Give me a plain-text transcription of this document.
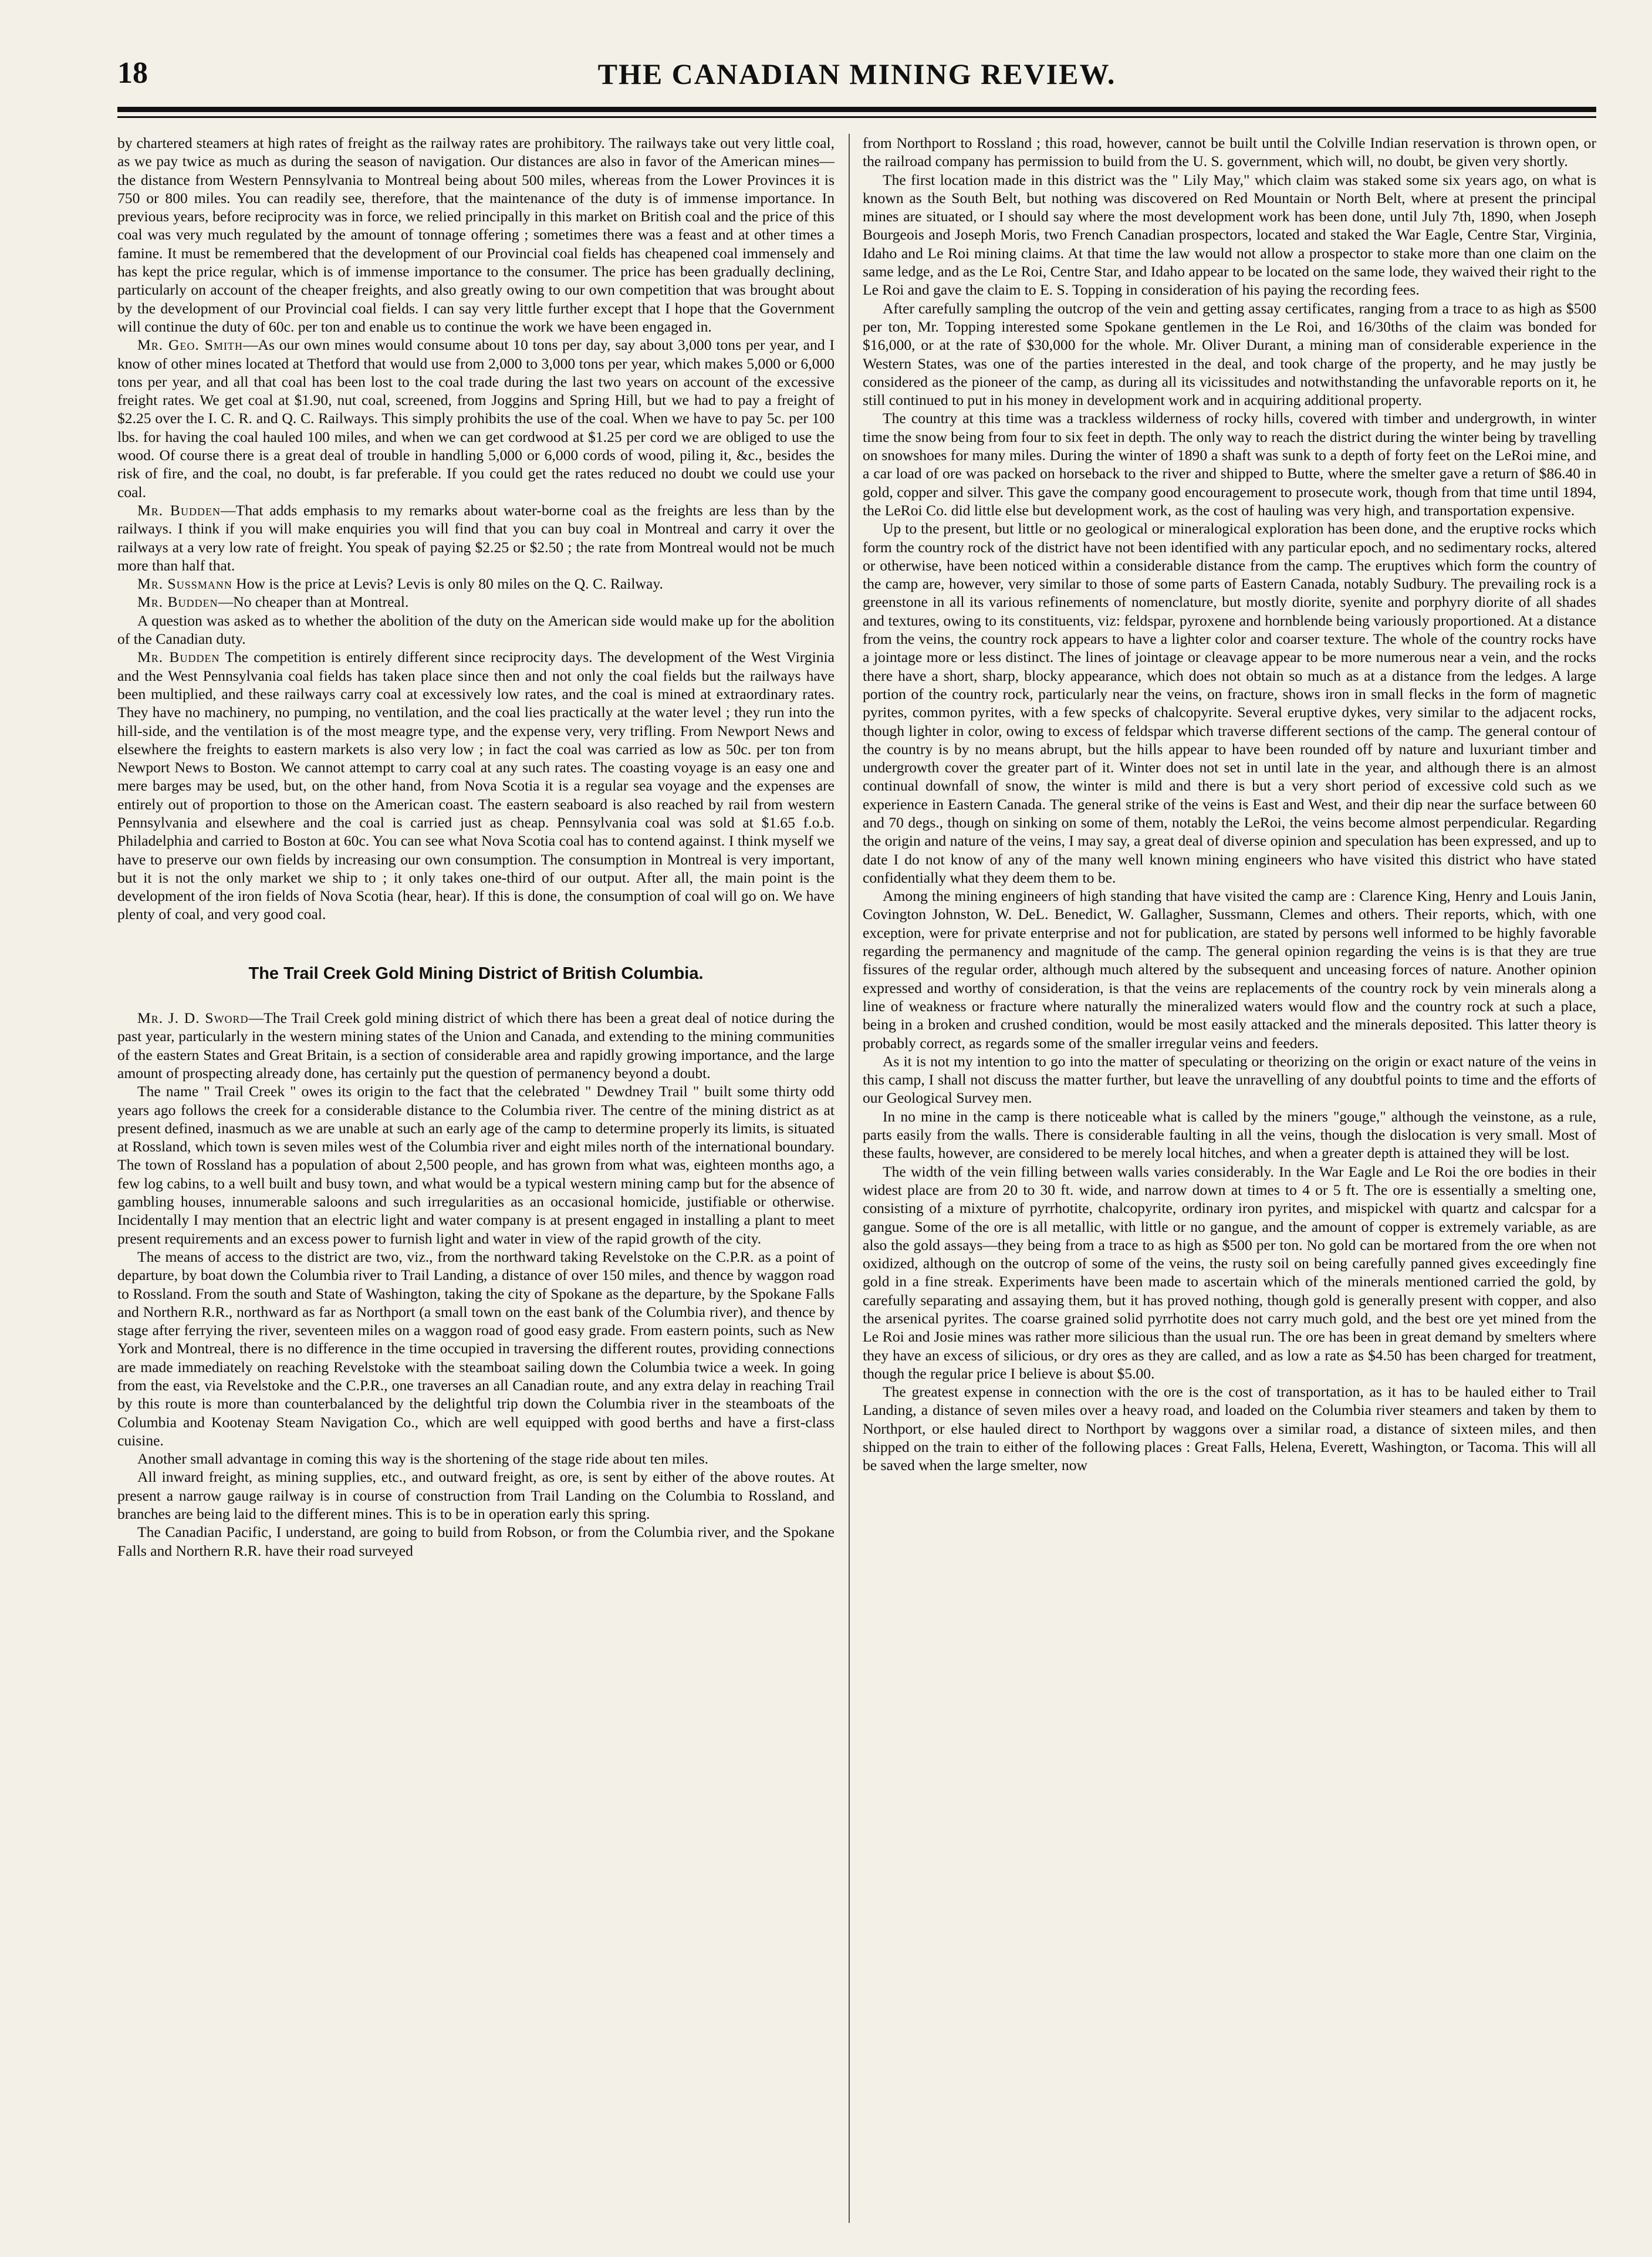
18	THE CANADIAN MINING REVIEW.

by chartered steamers at high rates of freight as the railway rates are prohibitory. The railways take out very little coal, as we pay twice as much as during the season of navigation. Our distances are also in favor of the American mines—the distance from Western Pennsylvania to Montreal being about 500 miles, whereas from the Lower Provinces it is 750 or 800 miles. You can readily see, therefore, that the maintenance of the duty is of immense importance. In previous years, before reciprocity was in force, we relied principally in this market on British coal and the price of this coal was very much regulated by the amount of tonnage offering ; sometimes there was a feast and at other times a famine. It must be remembered that the development of our Provincial coal fields has cheapened coal immensely and has kept the price regular, which is of immense importance to the consumer. The price has been gradually declining, particularly on account of the cheaper freights, and also greatly owing to our own competition that was brought about by the development of our Provincial coal fields. I can say very little further except that I hope that the Government will continue the duty of 60c. per ton and enable us to continue the work we have been engaged in.

Mr. Geo. Smith—As our own mines would consume about 10 tons per day, say about 3,000 tons per year, and I know of other mines located at Thetford that would use from 2,000 to 3,000 tons per year, which makes 5,000 or 6,000 tons per year, and all that coal has been lost to the coal trade during the last two years on account of the excessive freight rates. We get coal at $1.90, nut coal, screened, from Joggins and Spring Hill, but we had to pay a freight of $2.25 over the I. C. R. and Q. C. Railways. This simply prohibits the use of the coal. When we have to pay 5c. per 100 lbs. for having the coal hauled 100 miles, and when we can get cordwood at $1.25 per cord we are obliged to use the wood. Of course there is a great deal of trouble in handling 5,000 or 6,000 cords of wood, piling it, &c., besides the risk of fire, and the coal, no doubt, is far preferable. If you could get the rates reduced no doubt we could use your coal.

Mr. Budden—That adds emphasis to my remarks about water-borne coal as the freights are less than by the railways. I think if you will make enquiries you will find that you can buy coal in Montreal and carry it over the railways at a very low rate of freight. You speak of paying $2.25 or $2.50 ; the rate from Montreal would not be much more than half that.

Mr. Sussmann How is the price at Levis? Levis is only 80 miles on the Q. C. Railway.

Mr. Budden—No cheaper than at Montreal.

A question was asked as to whether the abolition of the duty on the American side would make up for the abolition of the Canadian duty.

Mr. Budden The competition is entirely different since reciprocity days. The development of the West Virginia and the West Pennsylvania coal fields has taken place since then and not only the coal fields but the railways have been multiplied, and these railways carry coal at excessively low rates, and the coal is mined at extraordinary rates. They have no machinery, no pumping, no ventilation, and the coal lies practically at the water level ; they run into the hill-side, and the ventilation is of the most meagre type, and the expense very, very trifling. From Newport News and elsewhere the freights to eastern markets is also very low ; in fact the coal was carried as low as 50c. per ton from Newport News to Boston. We cannot attempt to carry coal at any such rates. The coasting voyage is an easy one and mere barges may be used, but, on the other hand, from Nova Scotia it is a regular sea voyage and the expenses are entirely out of proportion to those on the American coast. The eastern seaboard is also reached by rail from western Pennsylvania and elsewhere and the coal is carried just as cheap. Pennsylvania coal was sold at $1.65 f.o.b. Philadelphia and carried to Boston at 60c. You can see what Nova Scotia coal has to contend against. I think myself we have to preserve our own fields by increasing our own consumption. The consumption in Montreal is very important, but it is not the only market we ship to ; it only takes one-third of our output. After all, the main point is the development of the iron fields of Nova Scotia (hear, hear). If this is done, the consumption of coal will go on. We have plenty of coal, and very good coal.

The Trail Creek Gold Mining District of British Columbia.

Mr. J. D. Sword—The Trail Creek gold mining district of which there has been a great deal of notice during the past year, particularly in the western mining states of the Union and Canada, and extending to the mining communities of the eastern States and Great Britain, is a section of considerable area and rapidly growing importance, and the large amount of prospecting already done, has certainly put the question of permanency beyond a doubt.

The name " Trail Creek " owes its origin to the fact that the celebrated " Dewdney Trail " built some thirty odd years ago follows the creek for a considerable distance to the Columbia river. The centre of the mining district as at present defined, inasmuch as we are unable at such an early age of the camp to determine properly its limits, is situated at Rossland, which town is seven miles west of the Columbia river and eight miles north of the international boundary. The town of Rossland has a population of about 2,500 people, and has grown from what was, eighteen months ago, a few log cabins, to a well built and busy town, and what would be a typical western mining camp but for the absence of gambling houses, innumerable saloons and such irregularities as an occasional homicide, justifiable or otherwise. Incidentally I may mention that an electric light and water company is at present engaged in installing a plant to meet present requirements and an excess power to furnish light and water in view of the rapid growth of the city.

The means of access to the district are two, viz., from the northward taking Revelstoke on the C.P.R. as a point of departure, by boat down the Columbia river to Trail Landing, a distance of over 150 miles, and thence by waggon road to Rossland. From the south and State of Washington, taking the city of Spokane as the departure, by the Spokane Falls and Northern R.R., northward as far as Northport (a small town on the east bank of the Columbia river), and thence by stage after ferrying the river, seventeen miles on a waggon road of good easy grade. From eastern points, such as New York and Montreal, there is no difference in the time occupied in traversing the different routes, providing connections are made immediately on reaching Revelstoke with the steamboat sailing down the Columbia twice a week. In going from the east, via Revelstoke and the C.P.R., one traverses an all Canadian route, and any extra delay in reaching Trail by this route is more than counterbalanced by the delightful trip down the Columbia river in the steamboats of the Columbia and Kootenay Steam Navigation Co., which are well equipped with good berths and have a first-class cuisine.

Another small advantage in coming this way is the shortening of the stage ride about ten miles.

All inward freight, as mining supplies, etc., and outward freight, as ore, is sent by either of the above routes. At present a narrow gauge railway is in course of construction from Trail Landing on the Columbia to Rossland, and branches are being laid to the different mines. This is to be in operation early this spring.

The Canadian Pacific, I understand, are going to build from Robson, or from the Columbia river, and the Spokane Falls and Northern R.R. have their road surveyed

from Northport to Rossland ; this road, however, cannot be built until the Colville Indian reservation is thrown open, or the railroad company has permission to build from the U. S. government, which will, no doubt, be given very shortly.

The first location made in this district was the " Lily May," which claim was staked some six years ago, on what is known as the South Belt, but nothing was discovered on Red Mountain or North Belt, where at present the principal mines are situated, or I should say where the most development work has been done, until July 7th, 1890, when Joseph Bourgeois and Joseph Moris, two French Canadian prospectors, located and staked the War Eagle, Centre Star, Virginia, Idaho and Le Roi mining claims. At that time the law would not allow a prospector to stake more than one claim on the same ledge, and as the Le Roi, Centre Star, and Idaho appear to be located on the same lode, they waived their right to the Le Roi and gave the claim to E. S. Topping in consideration of his paying the recording fees.

After carefully sampling the outcrop of the vein and getting assay certificates, ranging from a trace to as high as $500 per ton, Mr. Topping interested some Spokane gentlemen in the Le Roi, and 16/30ths of the claim was bonded for $16,000, or at the rate of $30,000 for the whole. Mr. Oliver Durant, a mining man of considerable experience in the Western States, was one of the parties interested in the deal, and took charge of the property, and he may justly be considered as the pioneer of the camp, as during all its vicissitudes and notwithstanding the unfavorable reports on it, he still continued to put in his money in development work and in acquiring additional property.

The country at this time was a trackless wilderness of rocky hills, covered with timber and undergrowth, in winter time the snow being from four to six feet in depth. The only way to reach the district during the winter being by travelling on snowshoes for many miles. During the winter of 1890 a shaft was sunk to a depth of forty feet on the LeRoi mine, and a car load of ore was packed on horseback to the river and shipped to Butte, where the smelter gave a return of $86.40 in gold, copper and silver. This gave the company good encouragement to prosecute work, though from that time until 1894, the LeRoi Co. did little else but development work, as the cost of hauling was very high, and transportation expensive.

Up to the present, but little or no geological or mineralogical exploration has been done, and the eruptive rocks which form the country rock of the district have not been identified with any particular epoch, and no sedimentary rocks, altered or otherwise, have been noticed within a considerable distance from the camp. The eruptives which form the country of the camp are, however, very similar to those of some parts of Eastern Canada, notably Sudbury. The prevailing rock is a greenstone in all its various refinements of nomenclature, but mostly diorite, syenite and porphyry diorite of all shades and textures, owing to its constituents, viz: feldspar, pyroxene and hornblende being variously proportioned. At a distance from the veins, the country rock appears to have a lighter color and coarser texture. The whole of the country rocks have a jointage more or less distinct. The lines of jointage or cleavage appear to be more numerous near a vein, and the rocks there have a short, sharp, blocky appearance, which does not obtain so much as at a distance from the ledges. A large portion of the country rock, particularly near the veins, on fracture, shows iron in small flecks in the form of magnetic pyrites, common pyrites, with a few specks of chalcopyrite. Several eruptive dykes, very similar to the adjacent rocks, though lighter in color, owing to excess of feldspar which traverse different sections of the camp. The general contour of the country is by no means abrupt, but the hills appear to have been rounded off by nature and luxuriant timber and undergrowth cover the greater part of it. Winter does not set in until late in the year, and although there is an almost continual downfall of snow, the winter is mild and there is but a very short period of excessive cold such as we experience in Eastern Canada. The general strike of the veins is East and West, and their dip near the surface between 60 and 70 degs., though on sinking on some of them, notably the LeRoi, the veins become almost perpendicular. Regarding the origin and nature of the veins, I may say, a great deal of diverse opinion and speculation has been expressed, and up to date I do not know of any of the many well known mining engineers who have visited this district who have stated confidentially what they deem them to be.

Among the mining engineers of high standing that have visited the camp are : Clarence King, Henry and Louis Janin, Covington Johnston, W. DeL. Benedict, W. Gallagher, Sussmann, Clemes and others. Their reports, which, with one exception, were for private enterprise and not for publication, are stated by persons well informed to be highly favorable regarding the permanency and magnitude of the camp. The general opinion regarding the veins is is that they are true fissures of the regular order, although much altered by the subsequent and unceasing forces of nature. Another opinion expressed and worthy of consideration, is that the veins are replacements of the country rock by vein minerals along a line of weakness or fracture where naturally the mineralized waters would flow and the country rock at such a place, being in a broken and crushed condition, would be most easily attacked and the minerals deposited. This latter theory is probably correct, as regards some of the smaller irregular veins and feeders.

As it is not my intention to go into the matter of speculating or theorizing on the origin or exact nature of the veins in this camp, I shall not discuss the matter further, but leave the unravelling of any doubtful points to time and the efforts of our Geological Survey men.

In no mine in the camp is there noticeable what is called by the miners "gouge," although the veinstone, as a rule, parts easily from the walls. There is considerable faulting in all the veins, though the dislocation is very small. Most of these faults, however, are considered to be merely local hitches, and when a greater depth is attained they will be lost.

The width of the vein filling between walls varies considerably. In the War Eagle and Le Roi the ore bodies in their widest place are from 20 to 30 ft. wide, and narrow down at times to 4 or 5 ft. The ore is essentially a smelting one, consisting of a mixture of pyrrhotite, chalcopyrite, ordinary iron pyrites, and mispickel with quartz and calcspar for a gangue. Some of the ore is all metallic, with little or no gangue, and the amount of copper is extremely variable, as are also the gold assays—they being from a trace to as high as $500 per ton. No gold can be mortared from the ore when not oxidized, although on the outcrop of some of the veins, the rusty soil on being carefully panned gives exceedingly fine gold in a fine streak. Experiments have been made to ascertain which of the minerals mentioned carried the gold, by carefully separating and assaying them, but it has proved nothing, though gold is generally present with copper, and also the arsenical pyrites. The coarse grained solid pyrrhotite does not carry much gold, and the best ore yet mined from the Le Roi and Josie mines was rather more silicious than the usual run. The ore has been in great demand by smelters where they have an excess of silicious, or dry ores as they are called, and as low a rate as $4.50 has been charged for treatment, though the regular price I believe is about $5.00.

The greatest expense in connection with the ore is the cost of transportation, as it has to be hauled either to Trail Landing, a distance of seven miles over a heavy road, and loaded on the Columbia river steamers and taken by them to Northport, or else hauled direct to Northport by waggons over a similar road, a distance of sixteen miles, and then shipped on the train to either of the following places : Great Falls, Helena, Everett, Washington, or Tacoma. This will all be saved when the large smelter, now
